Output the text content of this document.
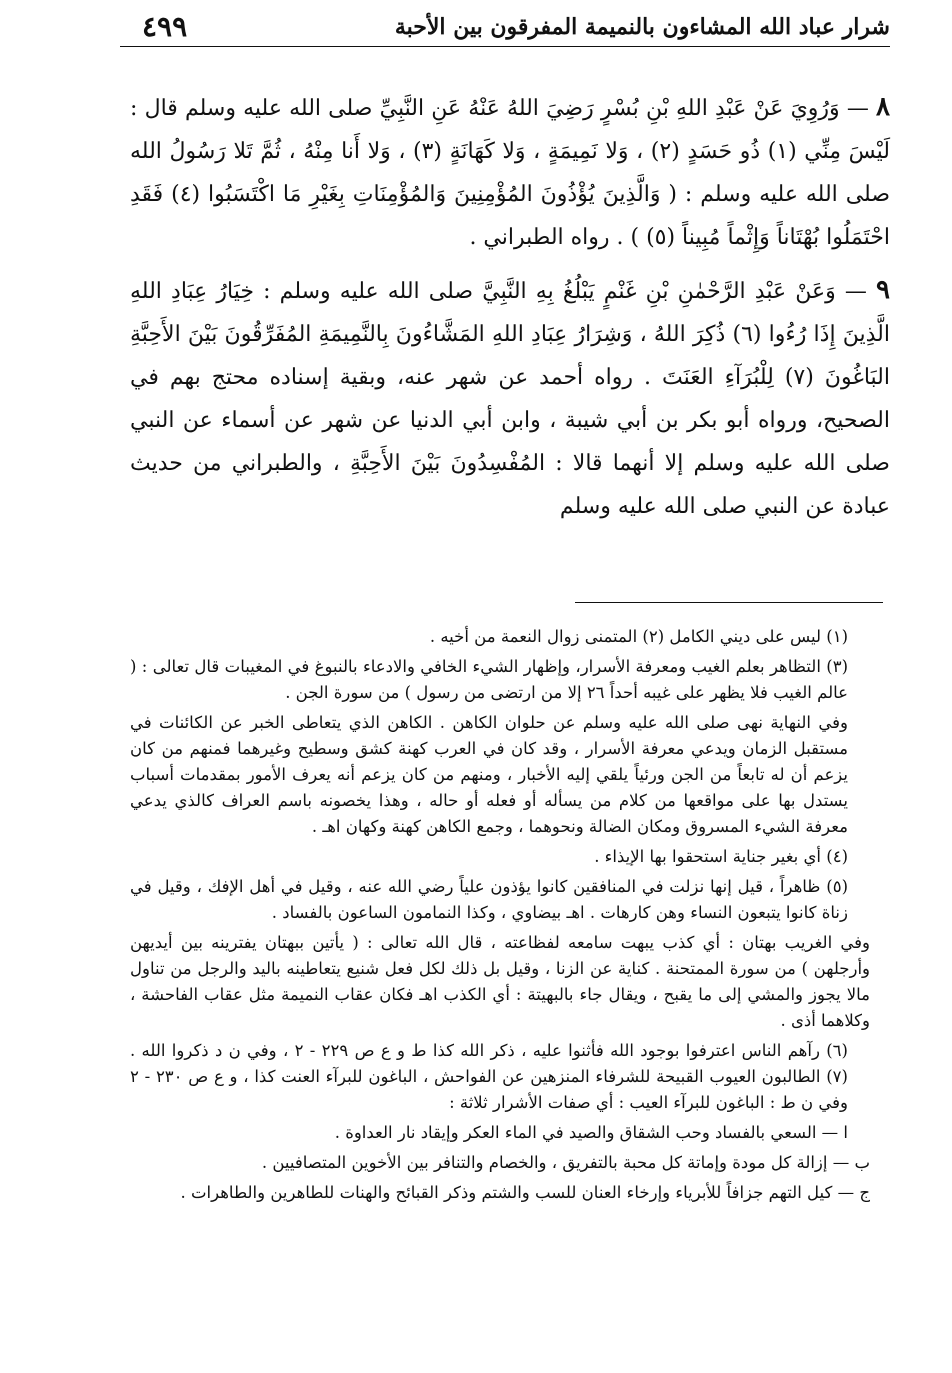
٤٩٩	شرار عباد الله المشاءون بالنميمة المفرقون بين الأحبة

٨ — وَرُوِيَ عَنْ عَبْدِ اللهِ بْنِ بُسْرٍ رَضِيَ اللهُ عَنْهُ عَنِ النَّبِيِّ صلى الله عليه وسلم قال : لَيْسَ مِنِّي (١) ذُو حَسَدٍ (٢) ، وَلا نَمِيمَةٍ ، وَلا كَهَانَةٍ (٣) ، وَلا أَنا مِنْهُ ، ثُمَّ تَلا رَسُولُ الله صلى الله عليه وسلم : ( وَالَّذِينَ يُؤْذُونَ المُؤْمِنِينَ وَالمُؤْمِنَاتِ بِغَيْرِ مَا اكْتَسَبُوا (٤) فَقَدِ احْتَمَلُوا بُهْتَاناً وَإِثْماً مُبِيناً (٥) ) . رواه الطبراني .

٩ — وَعَنْ عَبْدِ الرَّحْمٰنِ بْنِ غَنْمٍ يَبْلُغُ بِهِ النَّبِيَّ صلى الله عليه وسلم : خِيَارُ عِبَادِ اللهِ الَّذِينَ إِذَا رُءُوا (٦) ذُكِرَ اللهُ ، وَشِرَارُ عِبَادِ اللهِ المَشَّاءُونَ بِالنَّمِيمَةِ المُفَرِّقُونَ بَيْنَ الأَحِبَّةِ البَاغُونَ (٧) لِلْبُرَآءِ العَنَتَ . رواه أحمد عن شهر عنه، وبقية إسناده محتج بهم في الصحيح، ورواه أبو بكر بن أبي شيبة ، وابن أبي الدنيا عن شهر عن أسماء عن النبي صلى الله عليه وسلم إلا أنهما قالا : المُفْسِدُونَ بَيْنَ الأَحِبَّةِ ، والطبراني من حديث عبادة عن النبي صلى الله عليه وسلم

(١) ليس على ديني الكامل (٢) المتمنى زوال النعمة من أخيه .

(٣) التظاهر بعلم الغيب ومعرفة الأسرار، وإظهار الشيء الخافي والادعاء بالنبوغ في المغيبات قال تعالى : ( عالم الغيب فلا يظهر على غيبه أحداً ٢٦ إلا من ارتضى من رسول ) من سورة الجن .

وفي النهاية نهى صلى الله عليه وسلم عن حلوان الكاهن . الكاهن الذي يتعاطى الخبر عن الكائنات في مستقبل الزمان ويدعي معرفة الأسرار ، وقد كان في العرب كهنة كشق وسطيح وغيرهما فمنهم من كان يزعم أن له تابعاً من الجن ورئياً يلقي إليه الأخبار ، ومنهم من كان يزعم أنه يعرف الأمور بمقدمات أسباب يستدل بها على مواقعها من كلام من يسأله أو فعله أو حاله ، وهذا يخصونه باسم العراف كالذي يدعي معرفة الشيء المسروق ومكان الضالة ونحوهما ، وجمع الكاهن كهنة وكهان اهـ .

(٤) أي بغير جناية استحقوا بها الإيذاء .

(٥) ظاهراً ، قيل إنها نزلت في المنافقين كانوا يؤذون علياً رضي الله عنه ، وقيل في أهل الإفك ، وقيل في زناة كانوا يتبعون النساء وهن كارهات . اهـ بيضاوي ، وكذا النمامون الساعون بالفساد .

وفي الغريب بهتان : أي كذب يبهت سامعه لفظاعته ، قال الله تعالى : ( يأتين ببهتان يفترينه بين أيديهن وأرجلهن ) من سورة الممتحنة . كناية عن الزنا ، وقيل بل ذلك لكل فعل شنيع يتعاطينه باليد والرجل من تناول مالا يجوز والمشي إلى ما يقبح ، ويقال جاء بالبهيتة : أي الكذب اهـ فكان عقاب النميمة مثل عقاب الفاحشة ، وكلاهما أذى .

(٦) رآهم الناس اعترفوا بوجود الله فأثنوا عليه ، ذكر الله كذا ط و ع ص ٢٢٩ - ٢ ، وفي ن د ذكروا الله . (٧) الطالبون العيوب القبيحة للشرفاء المنزهين عن الفواحش ، الباغون للبرآء العنت كذا ، و ع ص ٢٣٠ - ٢ وفي ن ط : الباغون للبرآء العيب : أي صفات الأشرار ثلاثة :

ا — السعي بالفساد وحب الشقاق والصيد في الماء العكر وإيقاد نار العداوة .

ب — إزالة كل مودة وإماتة كل محبة بالتفريق ، والخصام والتنافر بين الأخوين المتصافيين .

ج — كيل التهم جزافاً للأبرياء وإرخاء العنان للسب والشتم وذكر القبائح والهنات للطاهرين والطاهرات .
